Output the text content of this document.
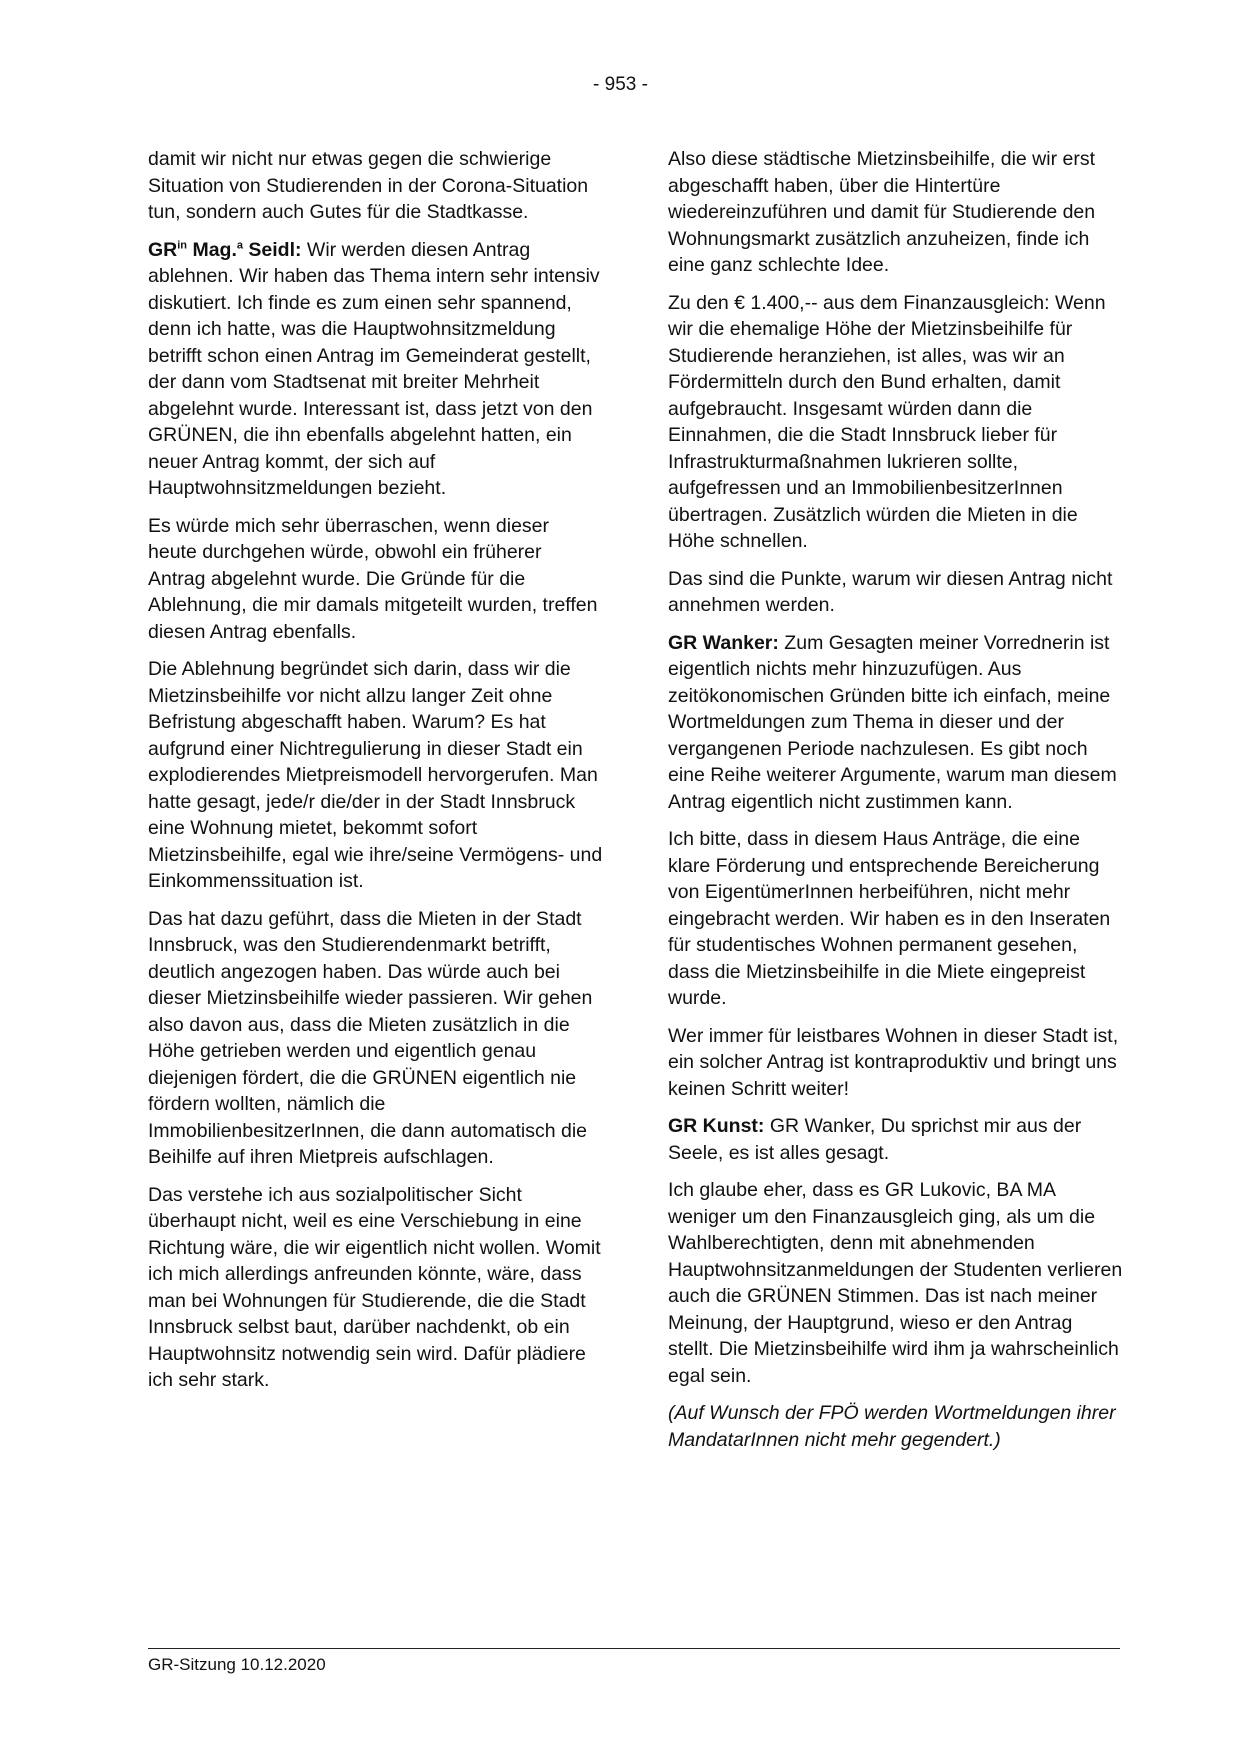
- 953 -

damit wir nicht nur etwas gegen die schwierige Situation von Studierenden in der Corona-Situation tun, sondern auch Gutes für die Stadtkasse.

$GR^{in}$ Mag.$^a$ Seidl: Wir werden diesen Antrag ablehnen. Wir haben das Thema intern sehr intensiv diskutiert. Ich finde es zum einen sehr spannend, denn ich hatte, was die Hauptwohnsitzmeldung betrifft schon einen Antrag im Gemeinderat gestellt, der dann vom Stadtsenat mit breiter Mehrheit abgelehnt wurde. Interessant ist, dass jetzt von den GRÜNEN, die ihn ebenfalls abgelehnt hatten, ein neuer Antrag kommt, der sich auf Hauptwohnsitzmeldungen bezieht.

Es würde mich sehr überraschen, wenn dieser heute durchgehen würde, obwohl ein früherer Antrag abgelehnt wurde. Die Gründe für die Ablehnung, die mir damals mitgeteilt wurden, treffen diesen Antrag ebenfalls.

Die Ablehnung begründet sich darin, dass wir die Mietzinsbeihilfe vor nicht allzu langer Zeit ohne Befristung abgeschafft haben. Warum? Es hat aufgrund einer Nichtregulierung in dieser Stadt ein explodierendes Mietpreismodell hervorgerufen. Man hatte gesagt, jede/r die/der in der Stadt Innsbruck eine Wohnung mietet, bekommt sofort Mietzinsbeihilfe, egal wie ihre/seine Vermögens- und Einkommenssituation ist.

Das hat dazu geführt, dass die Mieten in der Stadt Innsbruck, was den Studierendenmarkt betrifft, deutlich angezogen haben. Das würde auch bei dieser Mietzinsbeihilfe wieder passieren. Wir gehen also davon aus, dass die Mieten zusätzlich in die Höhe getrieben werden und eigentlich genau diejenigen fördert, die die GRÜNEN eigentlich nie fördern wollten, nämlich die ImmobilienbesitzerInnen, die dann automatisch die Beihilfe auf ihren Mietpreis aufschlagen.

Das verstehe ich aus sozialpolitischer Sicht überhaupt nicht, weil es eine Verschiebung in eine Richtung wäre, die wir eigentlich nicht wollen. Womit ich mich allerdings anfreunden könnte, wäre, dass man bei Wohnungen für Studierende, die die Stadt Innsbruck selbst baut, darüber nachdenkt, ob ein Hauptwohnsitz notwendig sein wird. Dafür plädiere ich sehr stark.

Also diese städtische Mietzinsbeihilfe, die wir erst abgeschafft haben, über die Hintertüre wiedereinzuführen und damit für Studierende den Wohnungsmarkt zusätzlich anzuheizen, finde ich eine ganz schlechte Idee.

Zu den € 1.400,-- aus dem Finanzausgleich: Wenn wir die ehemalige Höhe der Mietzinsbeihilfe für Studierende heranziehen, ist alles, was wir an Fördermitteln durch den Bund erhalten, damit aufgebraucht. Insgesamt würden dann die Einnahmen, die die Stadt Innsbruck lieber für Infrastrukturmaßnahmen lukrieren sollte, aufgefressen und an ImmobilienbesitzerInnen übertragen. Zusätzlich würden die Mieten in die Höhe schnellen.

Das sind die Punkte, warum wir diesen Antrag nicht annehmen werden.

GR Wanker: Zum Gesagten meiner Vorrednerin ist eigentlich nichts mehr hinzuzufügen. Aus zeitökonomischen Gründen bitte ich einfach, meine Wortmeldungen zum Thema in dieser und der vergangenen Periode nachzulesen. Es gibt noch eine Reihe weiterer Argumente, warum man diesem Antrag eigentlich nicht zustimmen kann.

Ich bitte, dass in diesem Haus Anträge, die eine klare Förderung und entsprechende Bereicherung von EigentümerInnen herbeiführen, nicht mehr eingebracht werden. Wir haben es in den Inseraten für studentisches Wohnen permanent gesehen, dass die Mietzinsbeihilfe in die Miete eingepreist wurde.

Wer immer für leistbares Wohnen in dieser Stadt ist, ein solcher Antrag ist kontraproduktiv und bringt uns keinen Schritt weiter!

GR Kunst: GR Wanker, Du sprichst mir aus der Seele, es ist alles gesagt.

Ich glaube eher, dass es GR Lukovic, BA MA weniger um den Finanzausgleich ging, als um die Wahlberechtigten, denn mit abnehmenden Hauptwohnsitzanmeldungen der Studenten verlieren auch die GRÜNEN Stimmen. Das ist nach meiner Meinung, der Hauptgrund, wieso er den Antrag stellt. Die Mietzinsbeihilfe wird ihm ja wahrscheinlich egal sein.

(Auf Wunsch der FPÖ werden Wortmeldungen ihrer MandatarInnen nicht mehr gegendert.)

GR-Sitzung 10.12.2020
